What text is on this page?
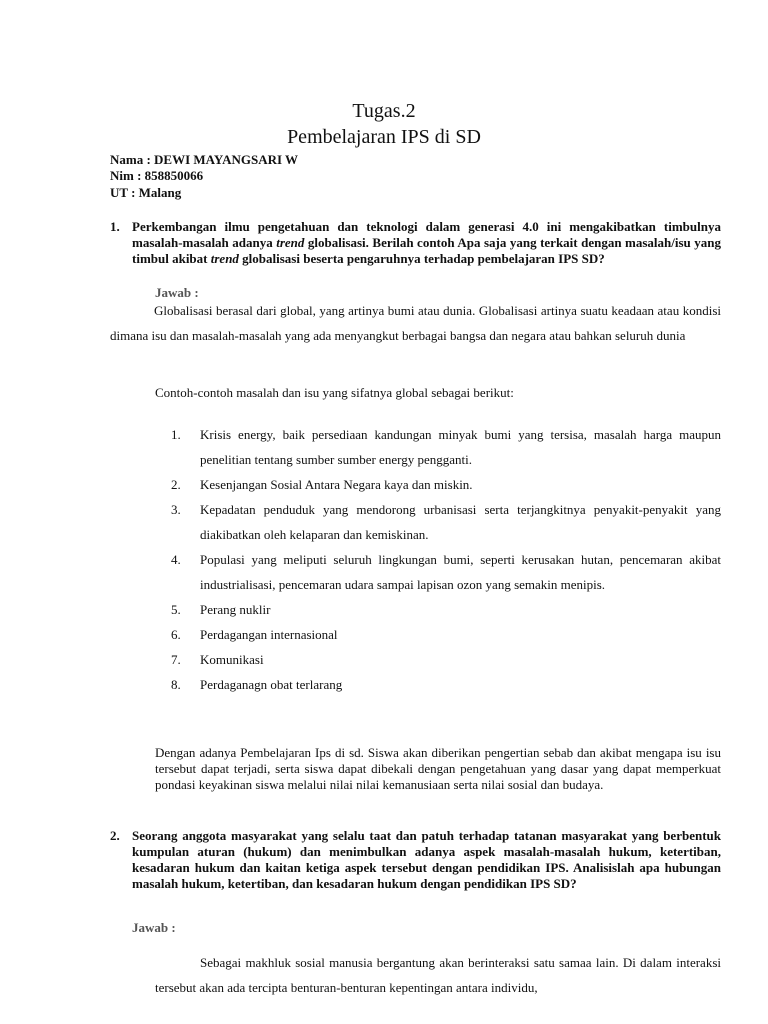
Tugas.2
Pembelajaran IPS di SD
Nama : DEWI MAYANGSARI W
Nim : 858850066
UT : Malang
1. Perkembangan ilmu pengetahuan dan teknologi dalam generasi 4.0 ini mengakibatkan timbulnya masalah-masalah adanya trend globalisasi. Berilah contoh Apa saja yang terkait dengan masalah/isu yang timbul akibat trend globalisasi beserta pengaruhnya terhadap pembelajaran IPS SD?
Jawab :
Globalisasi berasal dari global, yang artinya bumi atau dunia. Globalisasi artinya suatu keadaan atau kondisi dimana isu dan masalah-masalah yang ada menyangkut berbagai bangsa dan negara atau bahkan seluruh dunia
Contoh-contoh masalah dan isu yang sifatnya global sebagai berikut:
1. Krisis energy, baik persediaan kandungan minyak bumi yang tersisa, masalah harga maupun penelitian tentang sumber sumber energy pengganti.
2. Kesenjangan Sosial Antara Negara kaya dan miskin.
3. Kepadatan penduduk yang mendorong urbanisasi serta terjangkitnya penyakit-penyakit yang diakibatkan oleh kelaparan dan kemiskinan.
4. Populasi yang meliputi seluruh lingkungan bumi, seperti kerusakan hutan, pencemaran akibat industrialisasi, pencemaran udara sampai lapisan ozon yang semakin menipis.
5. Perang nuklir
6. Perdagangan internasional
7. Komunikasi
8. Perdaganagn obat terlarang
Dengan adanya Pembelajaran Ips di sd. Siswa akan diberikan pengertian sebab dan akibat mengapa isu isu tersebut dapat terjadi, serta siswa dapat dibekali dengan pengetahuan yang dasar yang dapat memperkuat pondasi keyakinan siswa melalui nilai nilai kemanusiaan serta nilai sosial dan budaya.
2. Seorang anggota masyarakat yang selalu taat dan patuh terhadap tatanan masyarakat yang berbentuk kumpulan aturan (hukum) dan menimbulkan adanya aspek masalah-masalah hukum, ketertiban, kesadaran hukum dan kaitan ketiga aspek tersebut dengan pendidikan IPS. Analisislah apa hubungan masalah hukum, ketertiban, dan kesadaran hukum dengan pendidikan IPS SD?
Jawab :
Sebagai makhluk sosial manusia bergantung akan berinteraksi satu samaa lain. Di dalam interaksi tersebut akan ada tercipta benturan-benturan kepentingan antara individu,
